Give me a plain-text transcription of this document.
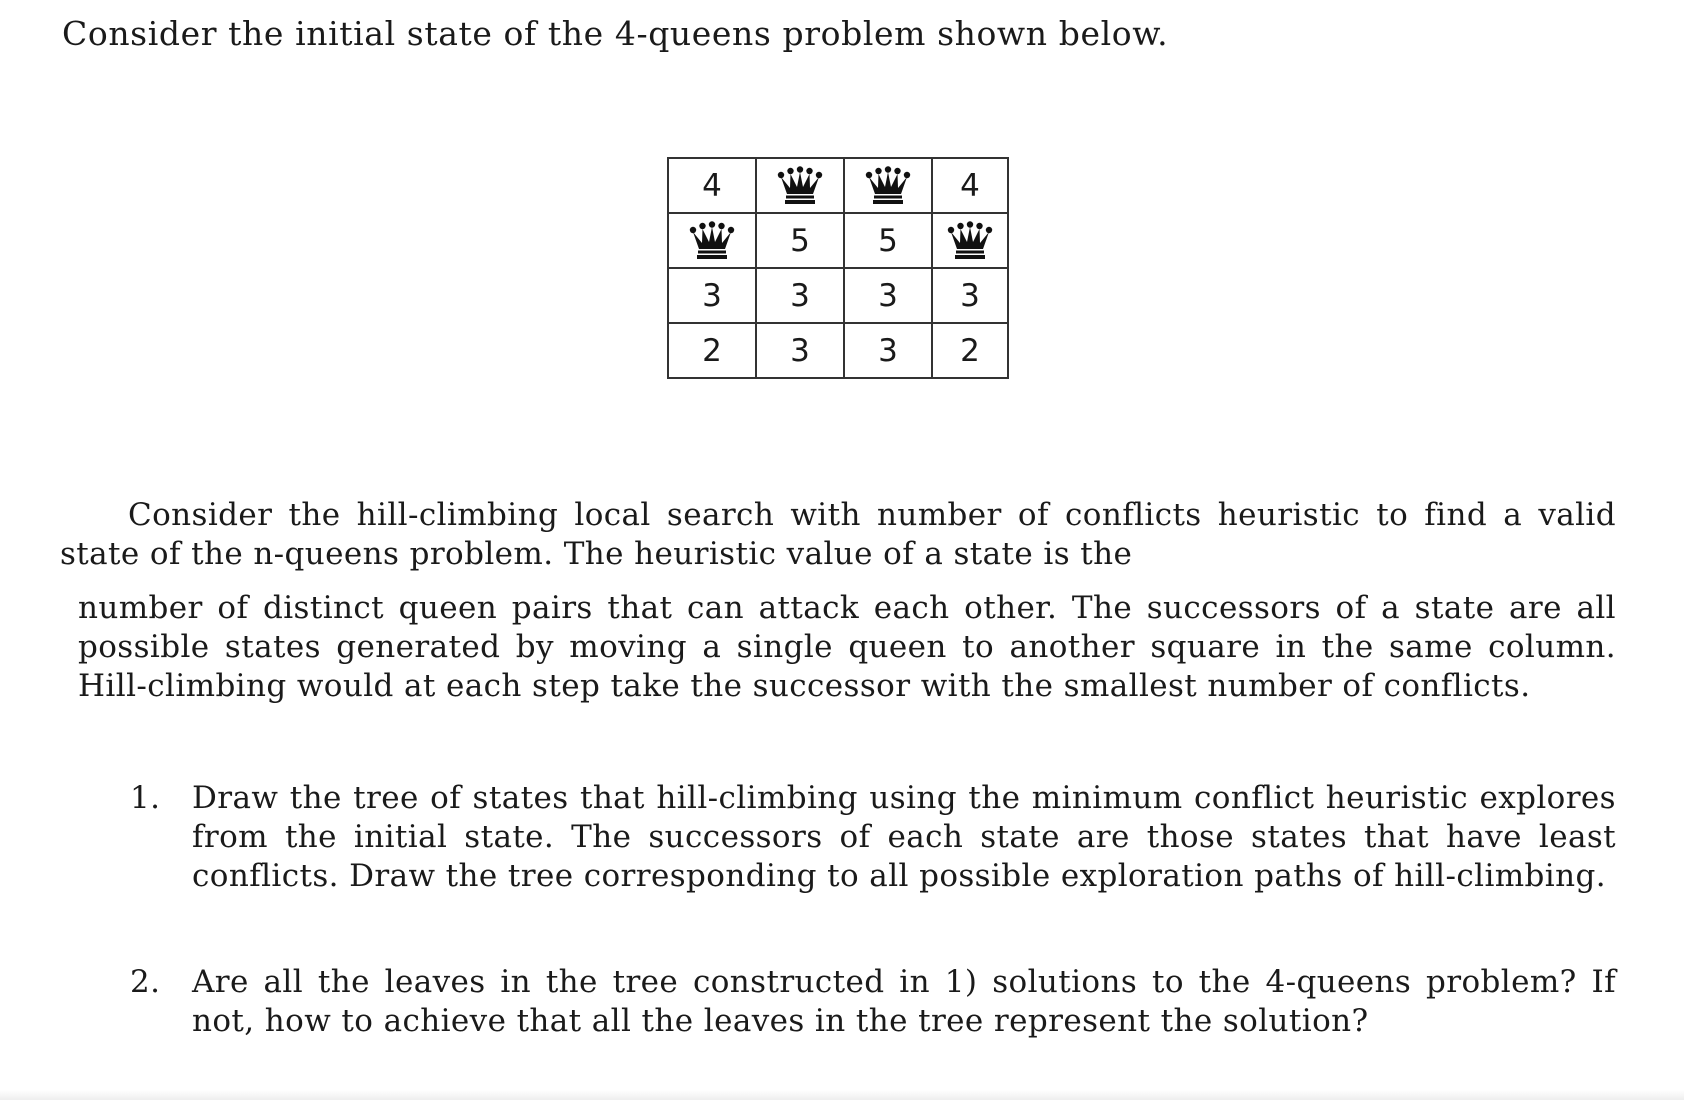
Consider the initial state of the 4-queens problem shown below.
4			4

	5	5	

3	3	3	3
2	3	3	2
Consider the hill-climbing local search with number of conflicts heuristic to find a valid state of the n-queens problem. The heuristic value of a state is the
number of distinct queen pairs that can attack each other. The successors of a state are all possible states generated by moving a single queen to another square in the same column. Hill-climbing would at each step take the successor with the smallest number of conflicts.
1. Draw the tree of states that hill-climbing using the minimum conflict heuristic explores from the initial state. The successors of each state are those states that have least conflicts. Draw the tree corresponding to all possible exploration paths of hill-climbing.
2. Are all the leaves in the tree constructed in 1) solutions to the 4-queens problem? If not, how to achieve that all the leaves in the tree represent the solution?
